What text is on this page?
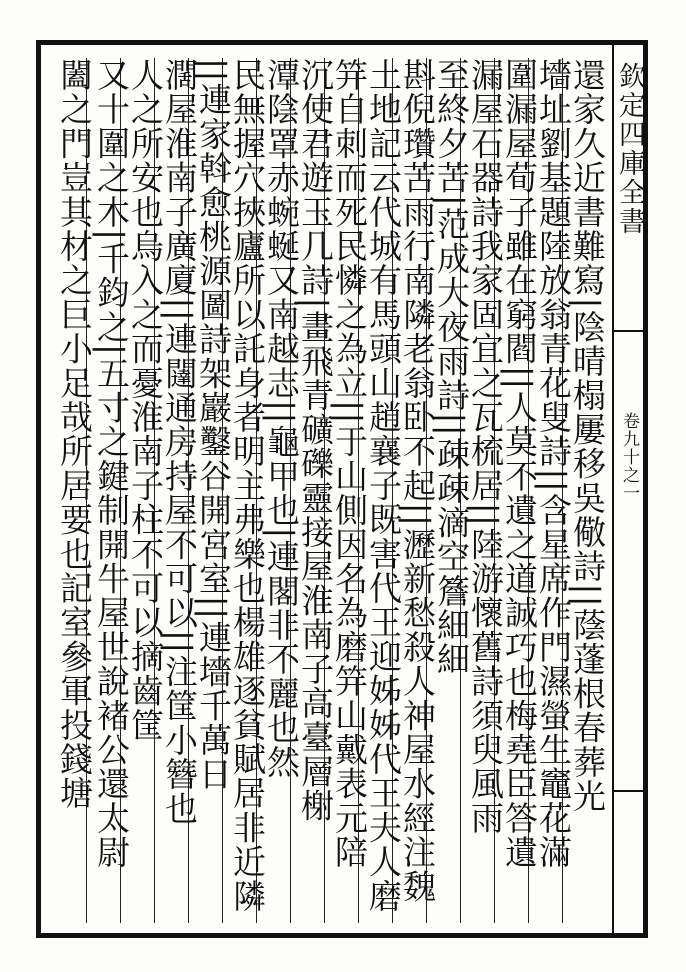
欽定四庫全書
卷九十之一
還家久近書難寫|陰晴榻屢移吳儆詩||蔭蓬根春葬光
墻址劉基題陸放翁青花叟詩||含星席作門濕螢生竈花滿
圍漏屋荀子雖在窮閻||人莫不遺之道誠巧也梅堯臣答遺
漏屋石器詩我家固宜之瓦梳居||陸游懷舊詩須臾風雨
至終夕苦|范成大夜雨詩||疎疎滴空簷細細
斟倪瓚苦雨行南隣老翁卧不起||瀝新愁殺人神屋水經注魏
土地記云代城有馬頭山趙襄子既害代王迎姊姊代王夫人磨
笄自刺而死民憐之為立||于山側因名為磨笄山戴表元陪
沉使君遊玉几詩|畫飛青礦礫靈接屋淮南子高臺層榭
潭陰罩赤蜿蜒又南越志||龜甲也|連閣非不麗也然
民無握穴挾廬所以託身者明主弗樂也楊雄逐貧賦居非近隣
||連家斡愈桃源圖詩架巖鑿谷開宮室||連墻千萬日
濶屋淮南子廣廈||連闥通房持屋不可以||注筐小簪也
人之所安也烏入之而憂淮南子柱不可以摘齒筐
又十圍之木|千鈞之|五寸之鍵制開牛屋世說褚公還太尉
闔之門豈其材之巨小足哉所居要也記室參軍投錢塘
